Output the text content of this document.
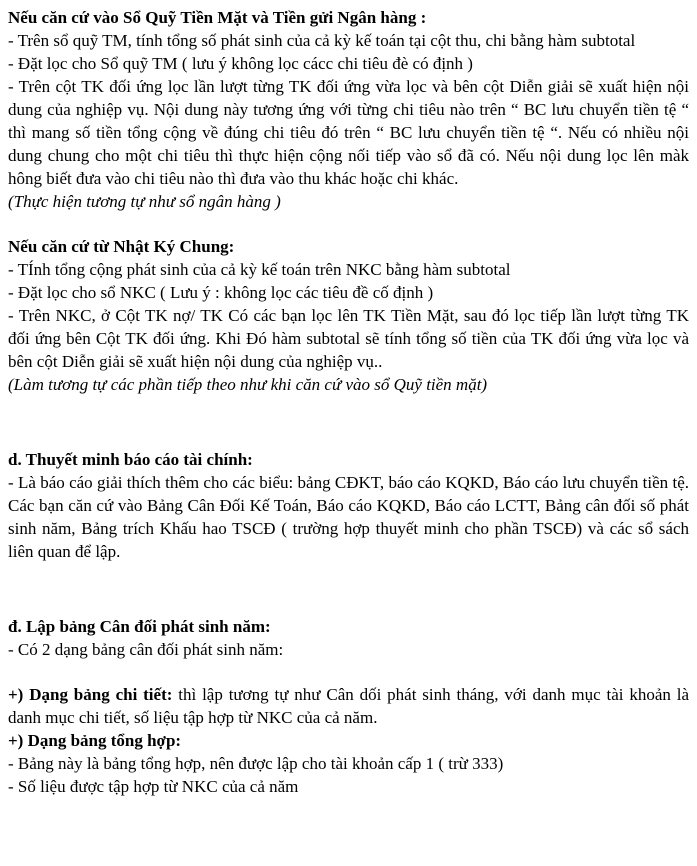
Nếu căn cứ vào Sổ Quỹ Tiền Mặt và Tiền gửi Ngân hàng :

- Trên sổ quỹ TM, tính tổng số phát sinh của cả kỳ kế toán tại cột thu, chi bằng hàm subtotal

- Đặt lọc cho Sổ quỹ TM ( lưu ý không lọc cácc chi tiêu đè có định )

- Trên cột TK đối ứng lọc lần lượt từng TK đối ứng vừa lọc và bên cột Diễn giải sẽ xuất hiện nội dung của nghiệp vụ. Nội dung này tương ứng với từng chi tiêu nào trên “ BC lưu chuyển tiền tệ “ thì mang số tiền tổng cộng về đúng chi tiêu đó trên “ BC lưu chuyển tiền tệ “. Nếu có nhiều nội dung chung cho một chi tiêu thì thực hiện cộng nối tiếp vào sổ đã có. Nếu nội dung lọc lên màk hông biết đưa vào chi tiêu nào thì đưa vào thu khác hoặc chi khác.

(Thực hiện tương tự như sổ ngân hàng )

Nếu căn cứ từ Nhật Ký Chung:

- TÍnh tổng cộng phát sinh của cả kỳ kế toán trên NKC bằng hàm subtotal

- Đặt lọc cho sổ NKC ( Lưu ý : không lọc các tiêu đề cố định )

- Trên NKC, ở Cột TK nợ/ TK Có các bạn lọc lên TK Tiền Mặt, sau đó lọc tiếp lần lượt từng TK đối ứng bên Cột TK đối ứng. Khi Đó hàm subtotal sẽ tính tổng số tiền của TK đối ứng vừa lọc và bên cột Diễn giải sẽ xuất hiện nội dung của nghiệp vụ..

(Làm tương tự các phần tiếp theo như khi căn cứ vào sổ Quỹ tiền mặt)

d. Thuyết minh báo cáo tài chính:

- Là báo cáo giải thích thêm cho các biểu: bảng CĐKT, báo cáo KQKD, Báo cáo lưu chuyển tiền tệ. Các bạn căn cứ vào Bảng Cân Đối Kế Toán, Báo cáo KQKD, Báo cáo LCTT, Bảng cân đối số phát sinh năm, Bảng trích Khấu hao TSCĐ ( trường hợp thuyết minh cho phần TSCĐ) và các sổ sách liên quan để lập.

đ. Lập bảng Cân đối phát sinh năm:

- Có 2 dạng bảng cân đối phát sinh năm:

+) Dạng bảng chi tiết: thì lập tương tự như Cân dối phát sinh tháng, với danh mục tài khoản là danh mục chi tiết, số liệu tập hợp từ NKC của cả năm.

+) Dạng bảng tổng hợp:

- Bảng này là bảng tổng hợp, nên được lập cho tài khoản cấp 1 ( trừ 333)

- Số liệu được tập hợp từ NKC của cả năm
